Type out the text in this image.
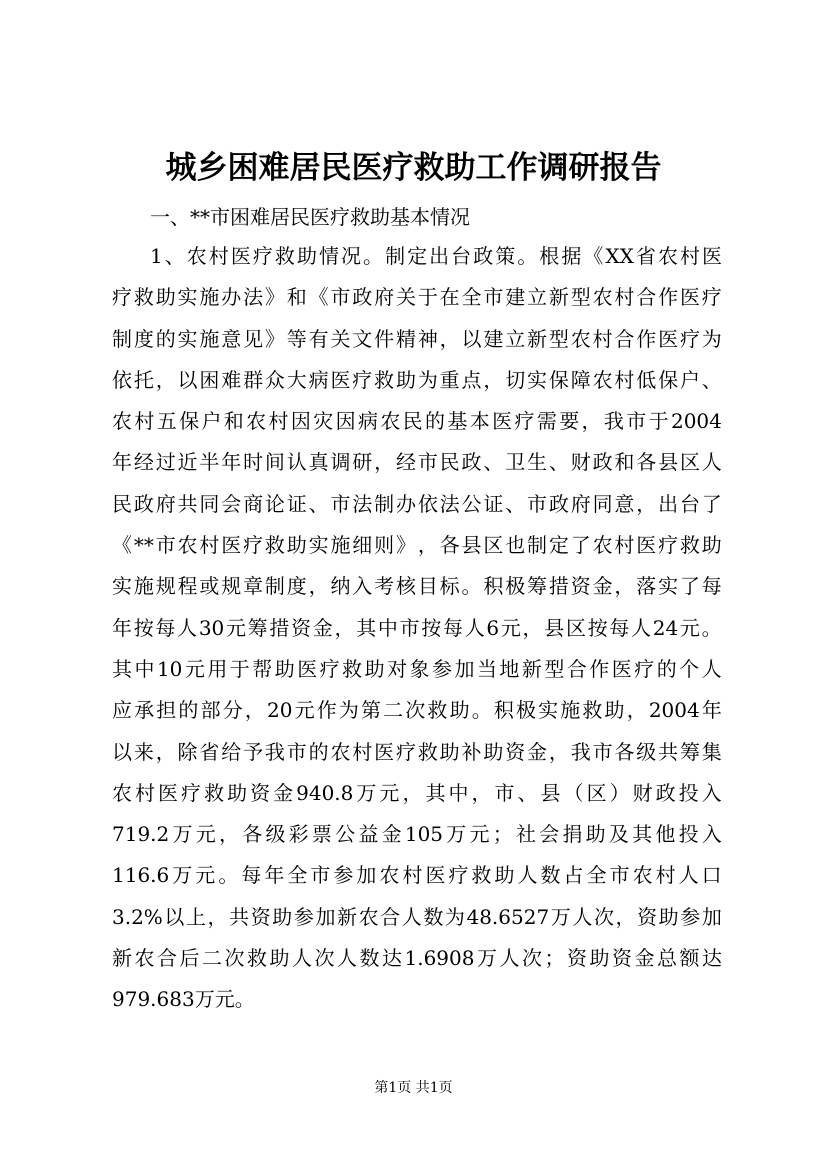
城乡困难居民医疗救助工作调研报告
一、**市困难居民医疗救助基本情况
1 、 农 村 医 疗 救 助 情 况 。 制 定 出 台 政 策 。 根 据 《 XX 省 农 村 医
疗 救 助 实 施 办 法 》 和 《 市 政 府 关 于 在 全 市 建 立 新 型 农 村 合 作 医 疗
制 度 的 实 施 意 见 》 等 有 关 文 件 精 神 ， 以 建 立 新 型 农 村 合 作 医 疗 为
依 托 ， 以 困 难 群 众 大 病 医 疗 救 助 为 重 点 ， 切 实 保 障 农 村 低 保 户 、
农 村 五 保 户 和 农 村 因 灾 因 病 农 民 的 基 本 医 疗 需 要 ， 我 市 于 2004
年 经 过 近 半 年 时 间 认 真 调 研 ， 经 市 民 政 、 卫 生 、 财 政 和 各 县 区 人
民 政 府 共 同 会 商 论 证 、 市 法 制 办 依 法 公 证 、 市 政 府 同 意 ， 出 台 了
《 ** 市 农 村 医 疗 救 助 实 施 细 则 》 ， 各 县 区 也 制 定 了 农 村 医 疗 救 助
实 施 规 程 或 规 章 制 度 ， 纳 入 考 核 目 标 。 积 极 筹 措 资 金 ， 落 实 了 每
年 按 每 人 30 元 筹 措 资 金 ， 其 中 市 按 每 人 6 元 ， 县 区 按 每 人 24 元 。
其 中 10 元 用 于 帮 助 医 疗 救 助 对 象 参 加 当 地 新 型 合 作 医 疗 的 个 人
应 承 担 的 部 分 ， 20 元 作 为 第 二 次 救 助 。 积 极 实 施 救 助 ， 2004 年
以 来 ， 除 省 给 予 我 市 的 农 村 医 疗 救 助 补 助 资 金 ， 我 市 各 级 共 筹 集
农 村 医 疗 救 助 资 金 940.8 万 元 ， 其 中 ， 市 、 县 （ 区 ） 财 政 投 入
719.2 万 元 ， 各 级 彩 票 公 益 金 105 万 元 ； 社 会 捐 助 及 其 他 投 入
116.6 万 元 。 每 年 全 市 参 加 农 村 医 疗 救 助 人 数 占 全 市 农 村 人 口
3.2% 以 上 ， 共 资 助 参 加 新 农 合 人 数 为 48.6527 万 人 次 ， 资 助 参 加
新 农 合 后 二 次 救 助 人 次 人 数 达 1.6908 万 人 次 ； 资 助 资 金 总 额 达
979.683 万 元 。
第1页 共1页
